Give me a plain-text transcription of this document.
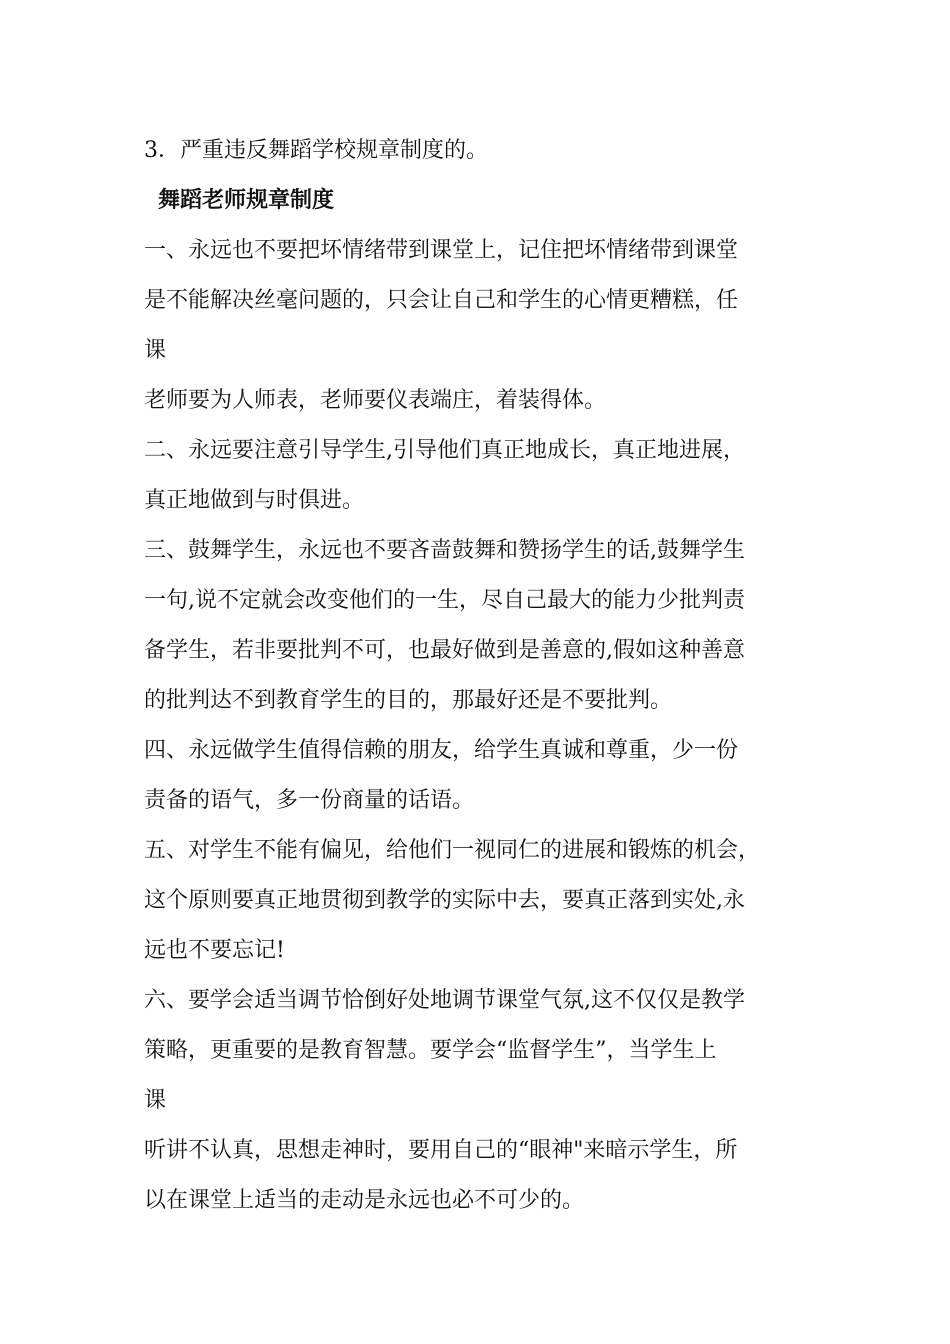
3．严重违反舞蹈学校规章制度的。
舞蹈老师规章制度
一、永远也不要把坏情绪带到课堂上，记住把坏情绪带到课堂
是不能解决丝毫问题的，只会让自己和学生的心情更糟糕，任
课
老师要为人师表，老师要仪表端庄，着装得体。
二、永远要注意引导学生,引导他们真正地成长，真正地进展，
真正地做到与时俱进。
三、鼓舞学生，永远也不要吝啬鼓舞和赞扬学生的话,鼓舞学生
一句,说不定就会改变他们的一生，尽自己最大的能力少批判责
备学生，若非要批判不可，也最好做到是善意的,假如这种善意
的批判达不到教育学生的目的，那最好还是不要批判。
四、永远做学生值得信赖的朋友，给学生真诚和尊重，少一份
责备的语气，多一份商量的话语。
五、对学生不能有偏见，给他们一视同仁的进展和锻炼的机会，
这个原则要真正地贯彻到教学的实际中去，要真正落到实处,永
远也不要忘记!
六、要学会适当调节恰倒好处地调节课堂气氛,这不仅仅是教学
策略，更重要的是教育智慧。要学会“监督学生”，当学生上
课
听讲不认真，思想走神时，要用自己的“眼神"来暗示学生，所
以在课堂上适当的走动是永远也必不可少的。
